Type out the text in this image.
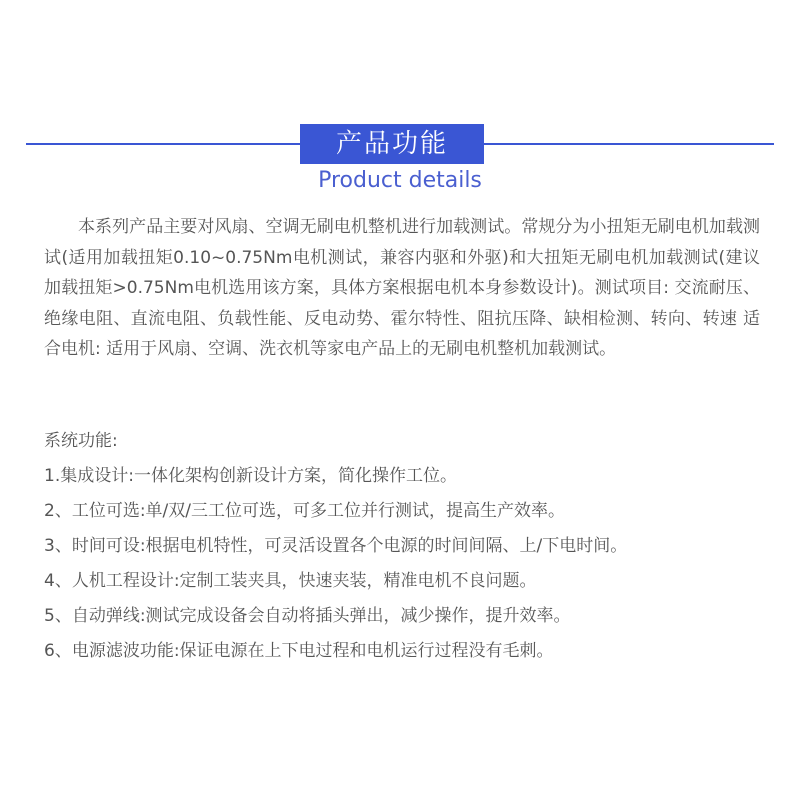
产品功能
Product details
本系列产品主要对风扇、空调无刷电机整机进行加载测试。常规分为小扭矩无刷电机加载测试(适用加载扭矩0.10~0.75Nm电机测试，兼容内驱和外驱)和大扭矩无刷电机加载测试(建议加载扭矩>0.75Nm电机选用该方案，具体方案根据电机本身参数设计)。测试项目: 交流耐压、绝缘电阻、直流电阻、负载性能、反电动势、霍尔特性、阻抗压降、缺相检测、转向、转速 适合电机: 适用于风扇、空调、洗衣机等家电产品上的无刷电机整机加载测试。
系统功能:
1.集成设计:一体化架构创新设计方案，简化操作工位。
2、工位可选:单/双/三工位可选，可多工位并行测试，提高生产效率。
3、时间可设:根据电机特性，可灵活设置各个电源的时间间隔、上/下电时间。
4、人机工程设计:定制工装夹具，快速夹装，精准电机不良问题。
5、自动弹线:测试完成设备会自动将插头弹出，减少操作，提升效率。
6、电源滤波功能:保证电源在上下电过程和电机运行过程没有毛刺。
